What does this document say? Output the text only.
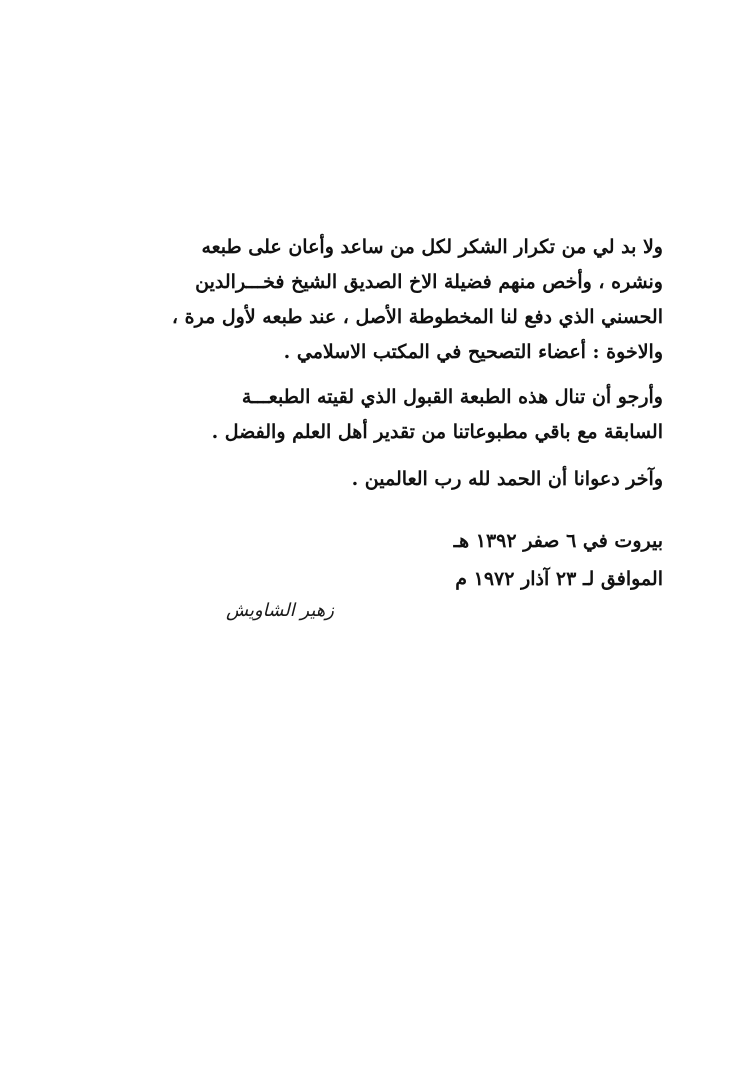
ولا بد لي من تكرار الشكر لكل من ساعد وأعان على طبعه
ونشره ، وأخص منهم فضيلة الاخ الصديق الشيخ فخـــرالدين
الحسني الذي دفع لنا المخطوطة الأصل ، عند طبعه لأول مرة ،
والاخوة : أعضاء التصحيح في المكتب الاسلامي .
وأرجو أن تنال هذه الطبعة القبول الذي لقيته الطبعـــة
السابقة مع باقي مطبوعاتنا من تقدير أهل العلم والفضل .
وآخر دعوانا أن الحمد لله رب العالمين .
بيروت في ٦ صفر ١٣٩٢ هـ
الموافق لـ ٢٣ آذار ١٩٧٢ م
زهير الشاويش
